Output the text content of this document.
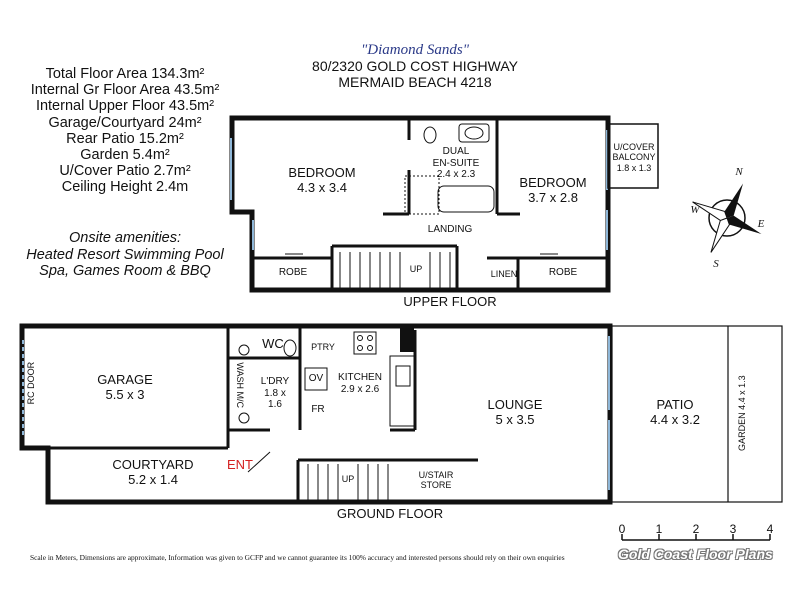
"Diamond Sands"
80/2320 GOLD COST HIGHWAY
MERMAID BEACH 4218
Total Floor Area 134.3m²
Internal Gr Floor Area 43.5m²
Internal Upper Floor 43.5m²
Garage/Courtyard 24m²
Rear Patio 15.2m²
Garden 5.4m²
U/Cover Patio 2.7m²
Ceiling Height 2.4m
Onsite amenities:
Heated Resort Swimming Pool
Spa, Games Room & BBQ
BEDROOM
4.3 x 3.4
DUAL
EN-SUITE
2.4 x 2.3
BEDROOM
3.7 x 2.8
U/COVER
BALCONY
1.8 x 1.3
LANDING
ROBE	ROBE
LINEN
UP
UPPER FLOOR
GARAGE
5.5 x 3
RC DOOR
WC
WASH M/C	L'DRY
1.8 x
1.6
PTRY
OV
FR
KITCHEN
2.9 x 2.6
LOUNGE
5 x 3.5
PATIO
4.4 x 3.2	GARDEN 4.4 x 1.3
COURTYARD
5.2 x 1.4
ENT
U/STAIR
STORE
UP
GROUND FLOOR
N
E
S
W
0	1	2	3	4
Scale in Meters, Dimensions are approximate, Information was given to GCFP and we cannot guarantee its 100% accuracy and interested persons should rely on their own enquiries	Gold Coast Floor Plans
